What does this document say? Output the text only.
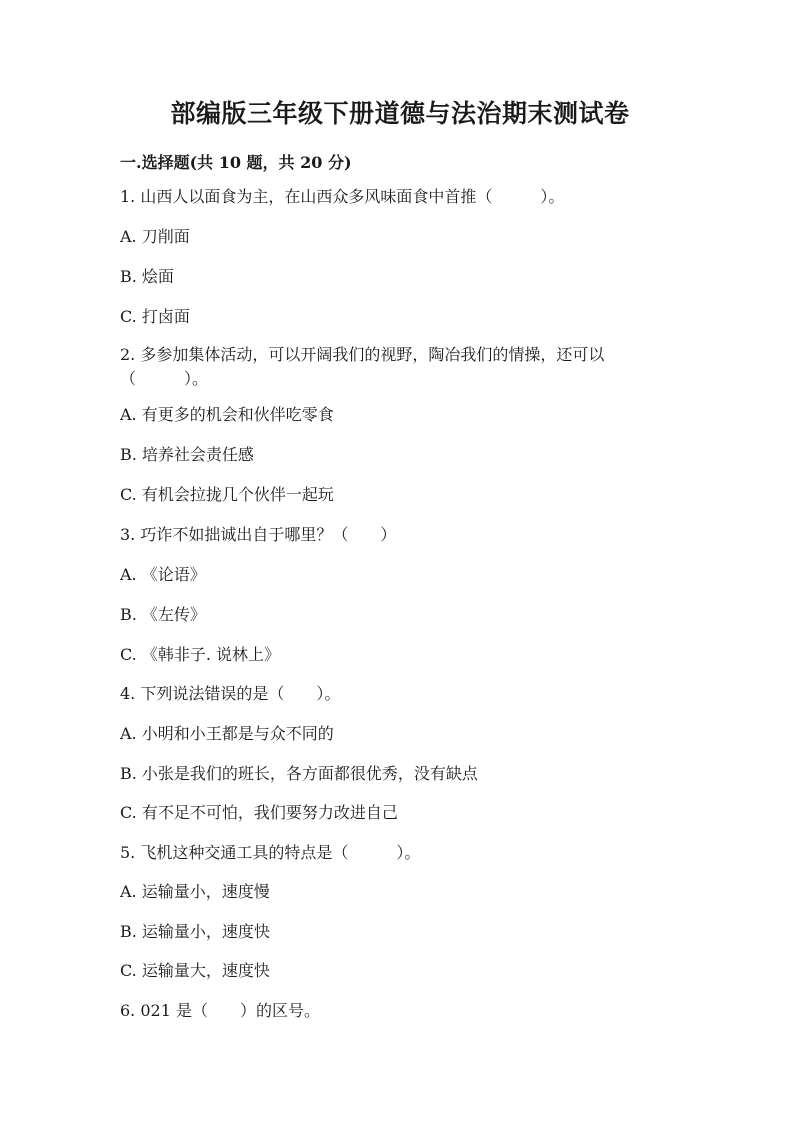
部编版三年级下册道德与法治期末测试卷
一.选择题(共 10 题，共 20 分)
1. 山西人以面食为主，在山西众多风味面食中首推（　　　）。
A. 刀削面
B. 烩面
C. 打卤面
2. 多参加集体活动，可以开阔我们的视野，陶冶我们的情操，还可以（　　　）。
A. 有更多的机会和伙伴吃零食
B. 培养社会责任感
C. 有机会拉拢几个伙伴一起玩
3. 巧诈不如拙诚出自于哪里？（　　）
A. 《论语》
B. 《左传》
C. 《韩非子. 说林上》
4. 下列说法错误的是（　　）。
A. 小明和小王都是与众不同的
B. 小张是我们的班长，各方面都很优秀，没有缺点
C. 有不足不可怕，我们要努力改进自己
5. 飞机这种交通工具的特点是（　　　）。
A. 运输量小，速度慢
B. 运输量小，速度快
C. 运输量大，速度快
6. 021 是（　　）的区号。
